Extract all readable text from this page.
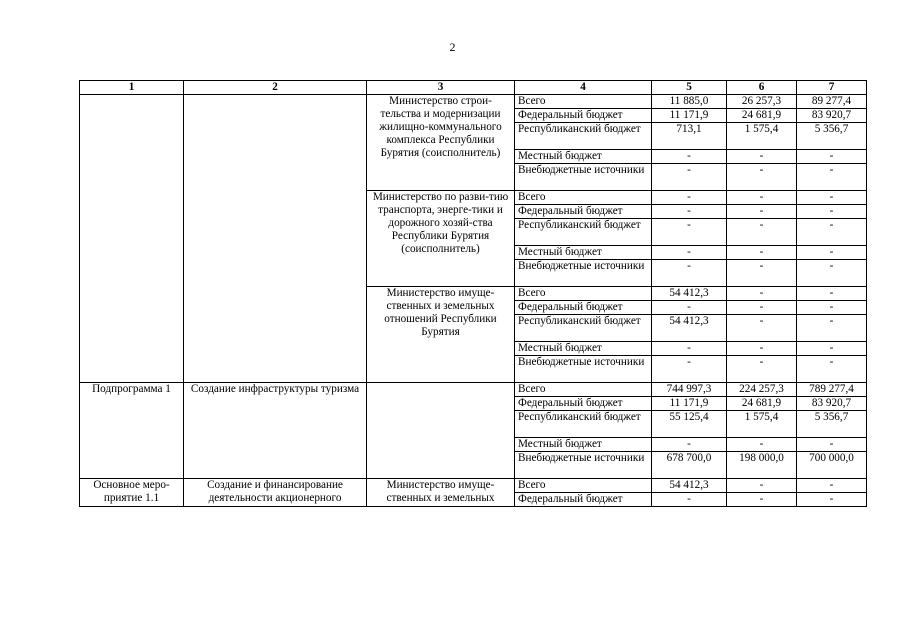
2
1	2	3	4	5	6	7
		Министерство строи-тельства и модернизации жилищно-коммунального комплекса Республики Бурятия (соисполнитель)	Всего	11 885,0	26 257,3	89 277,4
			Федеральный бюджет	11 171,9	24 681,9	83 920,7
			Республиканский бюджет	713,1	1 575,4	5 356,7
			Местный бюджет	-	-	-
			Внебюджетные источники	-	-	-
		Министерство по разви-тию транспорта, энерге-тики и дорожного хозяй-ства Республики Бурятия (соисполнитель)	Всего	-	-	-
			Федеральный бюджет	-	-	-
			Республиканский бюджет	-	-	-
			Местный бюджет	-	-	-
			Внебюджетные источники	-	-	-
		Министерство имуще-ственных и земельных отношений Республики Бурятия	Всего	54 412,3	-	-
			Федеральный бюджет	-	-	-
			Республиканский бюджет	54 412,3	-	-
			Местный бюджет	-	-	-
			Внебюджетные источники	-	-	-
Подпрограмма 1	Создание инфраструктуры туризма		Всего	744 997,3	224 257,3	789 277,4
			Федеральный бюджет	11 171,9	24 681,9	83 920,7
			Республиканский бюджет	55 125,4	1 575,4	5 356,7
			Местный бюджет	-	-	-
			Внебюджетные источники	678 700,0	198 000,0	700 000,0
Основное меро-приятие 1.1	Создание и финансирование деятельности акционерного	Министерство имуще-ственных и земельных	Всего	54 412,3	-	-
			Федеральный бюджет	-	-	-
